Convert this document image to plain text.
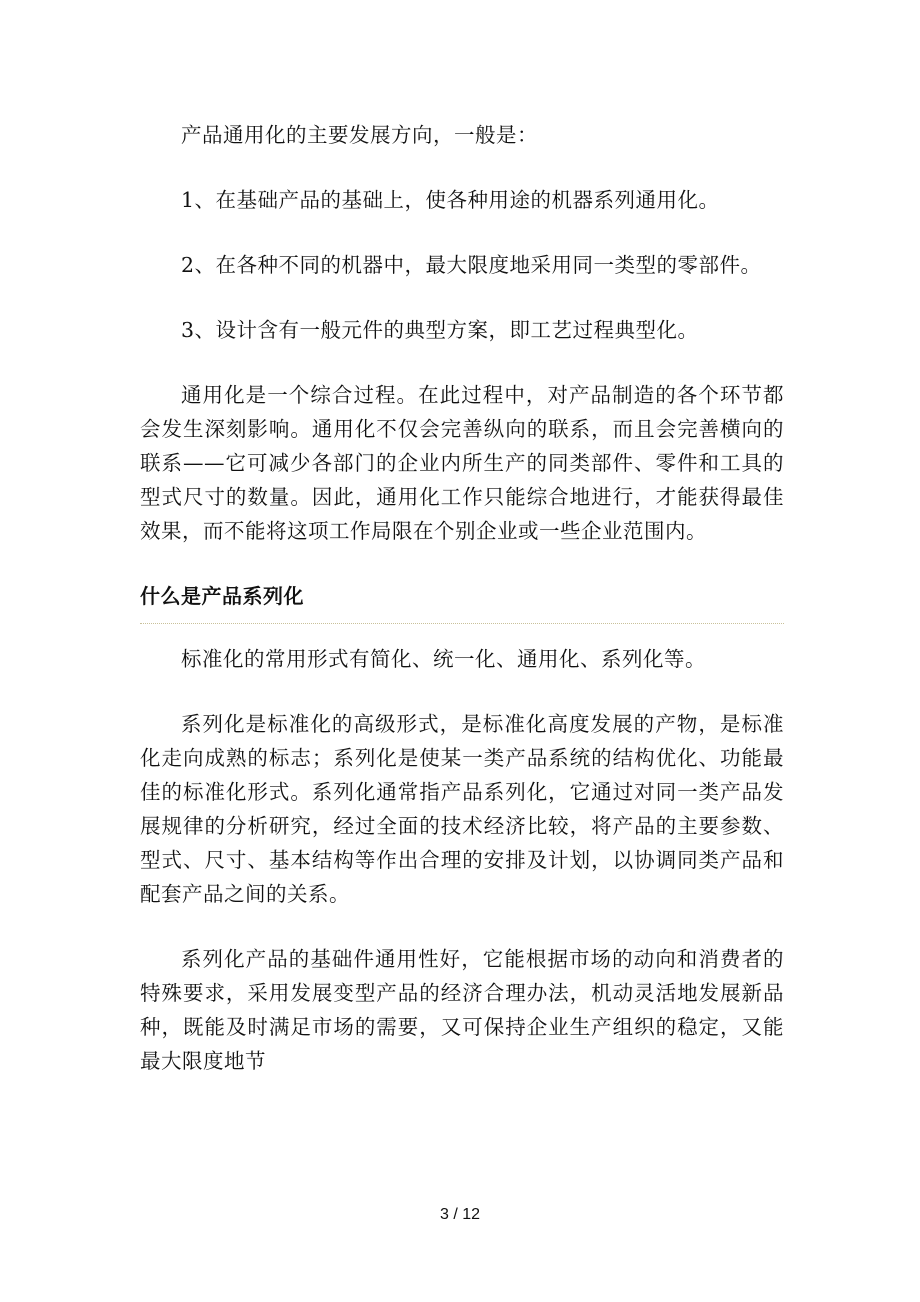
产品通用化的主要发展方向，一般是：

1、在基础产品的基础上，使各种用途的机器系列通用化。

2、在各种不同的机器中，最大限度地采用同一类型的零部件。

3、设计含有一般元件的典型方案，即工艺过程典型化。

通用化是一个综合过程。在此过程中，对产品制造的各个环节都会发生深刻影响。通用化不仅会完善纵向的联系，而且会完善横向的联系——它可减少各部门的企业内所生产的同类部件、零件和工具的型式尺寸的数量。因此，通用化工作只能综合地进行，才能获得最佳效果，而不能将这项工作局限在个别企业或一些企业范围内。

什么是产品系列化

标准化的常用形式有简化、统一化、通用化、系列化等。

系列化是标准化的高级形式，是标准化高度发展的产物，是标准化走向成熟的标志；系列化是使某一类产品系统的结构优化、功能最佳的标准化形式。系列化通常指产品系列化，它通过对同一类产品发展规律的分析研究，经过全面的技术经济比较，将产品的主要参数、型式、尺寸、基本结构等作出合理的安排及计划，以协调同类产品和配套产品之间的关系。

系列化产品的基础件通用性好，它能根据市场的动向和消费者的特殊要求，采用发展变型产品的经济合理办法，机动灵活地发展新品种，既能及时满足市场的需要，又可保持企业生产组织的稳定，又能最大限度地节

3 / 12
